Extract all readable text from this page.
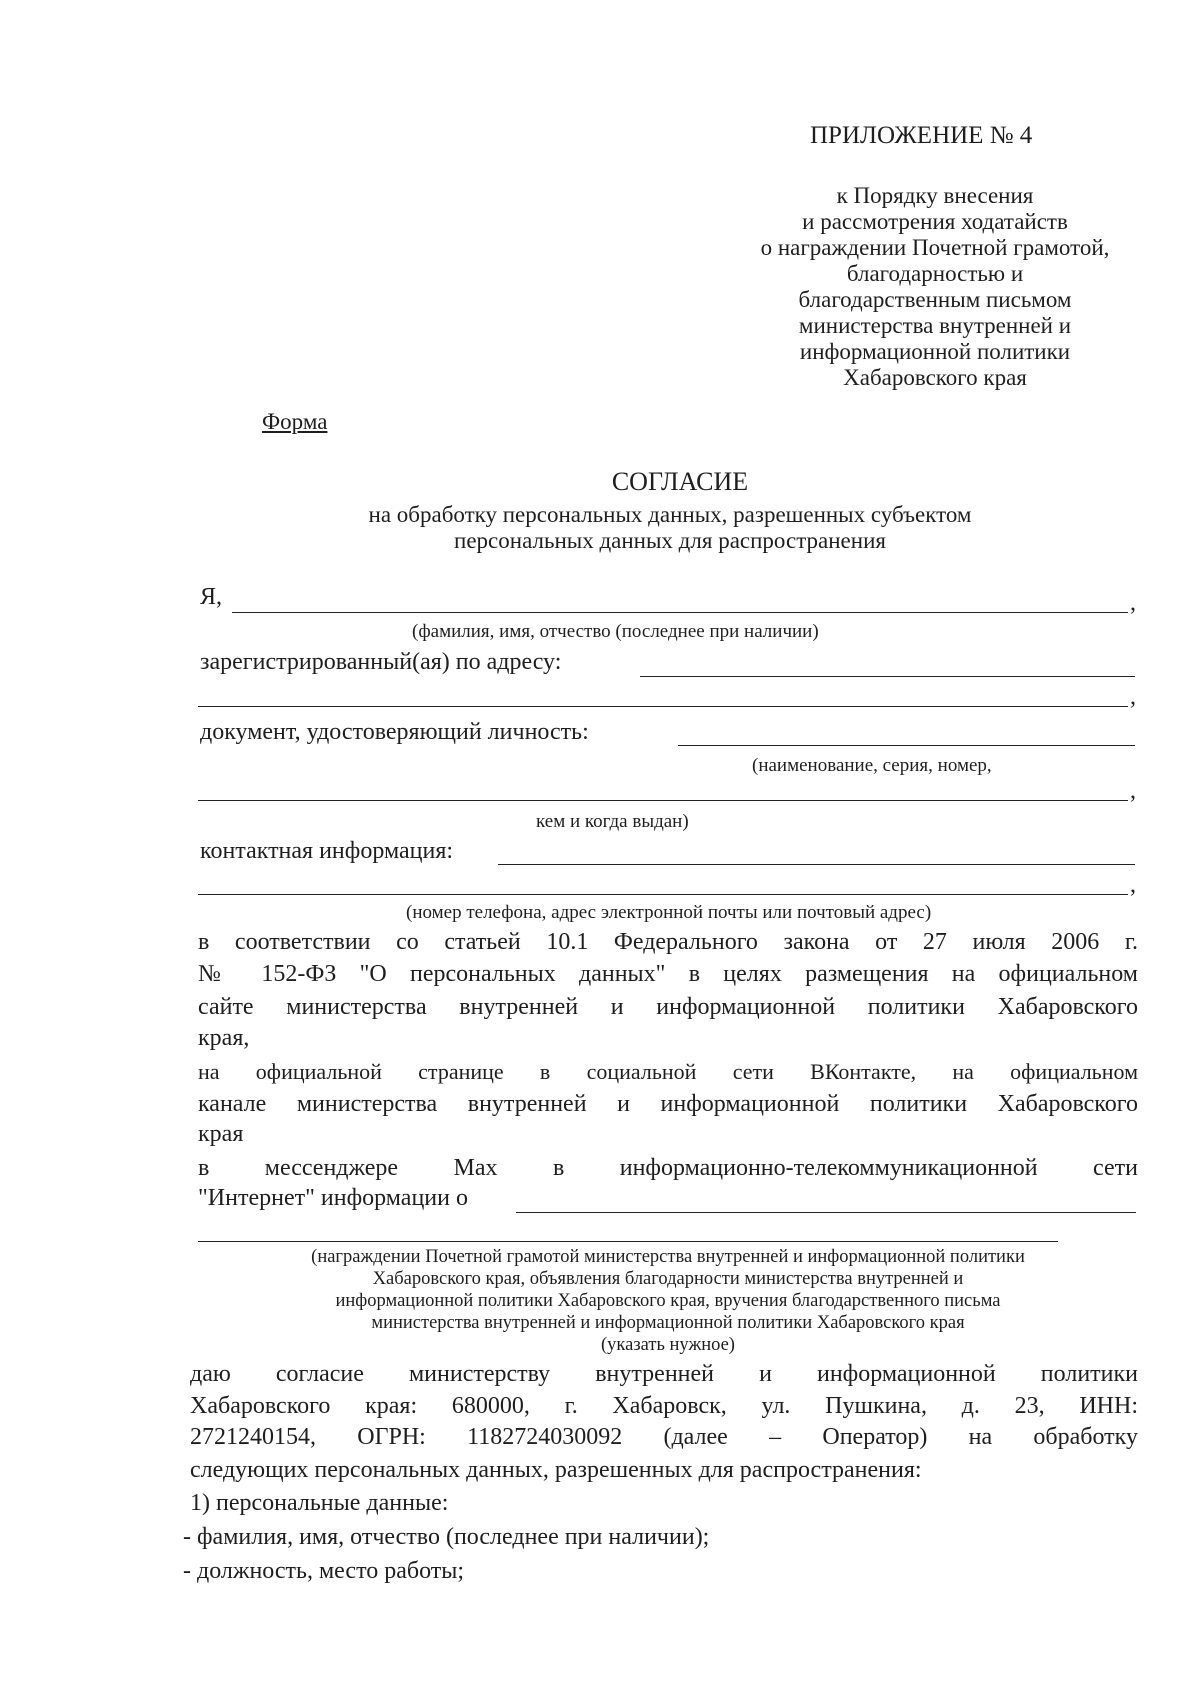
ПРИЛОЖЕНИЕ № 4
к Порядку внесения
и рассмотрения ходатайств
о награждении Почетной грамотой,
благодарностью и
благодарственным письмом
министерства внутренней и
информационной политики
Хабаровского края
Форма
СОГЛАСИЕ
на обработку персональных данных, разрешенных субъектом
персональных данных для распространения
Я,	,
(фамилия, имя, отчество (последнее при наличии)
зарегистрированный(ая) по адресу:
,
документ, удостоверяющий личность:
(наименование, серия, номер,
,
кем и когда выдан)
контактная информация:
,
(номер телефона, адрес электронной почты или почтовый адрес)
в соответствии со статьей 10.1 Федерального закона от 27 июля 2006 г.
№ 152-ФЗ "О персональных данных" в целях размещения на официальном
сайте министерства внутренней и информационной политики Хабаровского
края,
на официальной странице в социальной сети ВКонтакте, на официальном
канале министерства внутренней и информационной политики Хабаровского
края
в мессенджере Max в информационно-телекоммуникационной сети
"Интернет" информации о
(награждении Почетной грамотой министерства внутренней и информационной политики
Хабаровского края, объявления благодарности министерства внутренней и
информационной политики Хабаровского края, вручения благодарственного письма
министерства внутренней и информационной политики Хабаровского края
(указать нужное)
даю согласие министерству внутренней и информационной политики
Хабаровского края: 680000, г. Хабаровск, ул. Пушкина, д. 23, ИНН:
2721240154, ОГРН: 1182724030092 (далее – Оператор) на обработку
следующих персональных данных, разрешенных для распространения:
1) персональные данные:
- фамилия, имя, отчество (последнее при наличии);
- должность, место работы;
